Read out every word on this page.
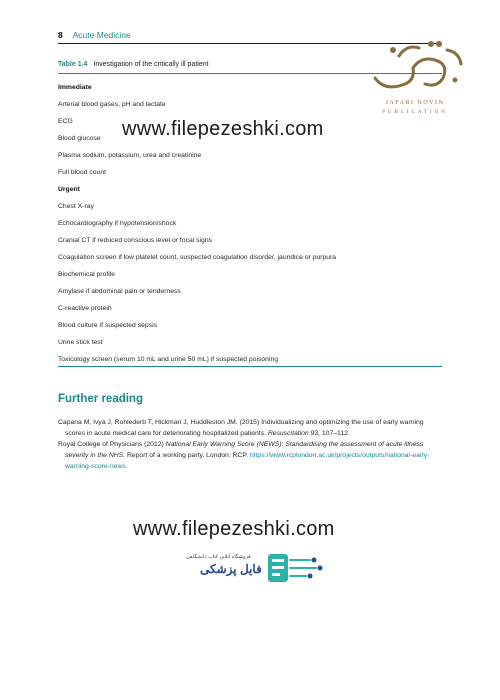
8 Acute Medicine
JAFARI NOVIN
PUBLICATION
Table 1.4 Investigation of the critically ill patient
Immediate
Arterial blood gases, pH and lactate
ECG
Blood glucose
Plasma sodium, potassium, urea and creatinine
Full blood count
Urgent
Chest X-ray
Echocardiography if hypotension/shock
Cranial CT if reduced conscious level or focal signs
Coagulation screen if low platelet count, suspected coagulation disorder, jaundice or purpura
Biochemical profile
Amylase if abdominal pain or tenderness
C-reactive protein
Blood culture if suspected sepsis
Urine stick test
Toxicology screen (serum 10 mL and urine 50 mL) if suspected poisoning
www.filepezeshki.com
Further reading
Capana M, Ivya J, Rohlederb T, Hickman J, Huddleston JM. (2015) Individualizing and optimizing the use of early warning scores in acute medical care for deteriorating hospitalized patients. Resuscitation 93, 107–112.
Royal College of Physicians (2012) National Early Warning Score (NEWS): Standardising the assessment of acute illness severity in the NHS. Report of a working party. London: RCP. https://www.rcplondon.ac.uk/projects/outputs/national-early-warning-score-news.
www.filepezeshki.com
فروشگاه آنلاین کتاب دانشگاهی
فایل پزشکی
